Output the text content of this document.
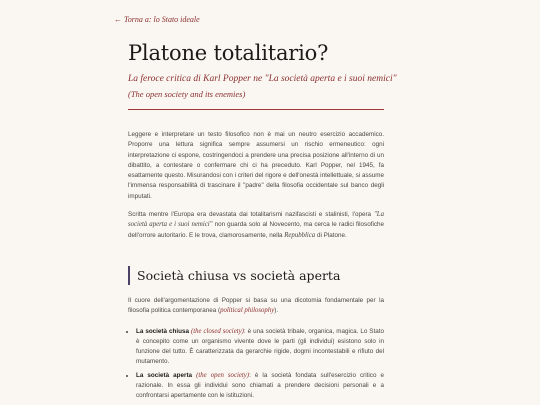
← Torna a: lo Stato ideale
Platone totalitario?
La feroce critica di Karl Popper ne "La società aperta e i suoi nemici"
(The open society and its enemies)

Leggere e interpretare un testo filosofico non è mai un neutro esercizio accademico. Proporre una lettura significa sempre assumersi un rischio ermeneutico: ogni interpretazione ci espone, costringendoci a prendere una precisa posizione all'interno di un dibattito, a contestare o confermare chi ci ha preceduto. Karl Popper, nel 1945, fa esattamente questo. Misurandosi con i criteri del rigore e dell'onestà intellettuale, si assume l'immensa responsabilità di trascinare il "padre" della filosofia occidentale sul banco degli imputati.

Scritta mentre l'Europa era devastata dai totalitarismi nazifascisti e stalinisti, l'opera "La società aperta e i suoi nemici" non guarda solo al Novecento, ma cerca le radici filosofiche dell'orrore autoritario. E le trova, clamorosamente, nella Repubblica di Platone.

Società chiusa vs società aperta

Il cuore dell'argomentazione di Popper si basa su una dicotomia fondamentale per la filosofia politica contemporanea (political philosophy).

• La società chiusa (the closed society): è una società tribale, organica, magica. Lo Stato è concepito come un organismo vivente dove le parti (gli individui) esistono solo in funzione del tutto. È caratterizzata da gerarchie rigide, dogmi incontestabili e rifiuto del mutamento.
• La società aperta (the open society): è la società fondata sull'esercizio critico e razionale. In essa gli individui sono chiamati a prendere decisioni personali e a confrontarsi apertamente con le istituzioni.
